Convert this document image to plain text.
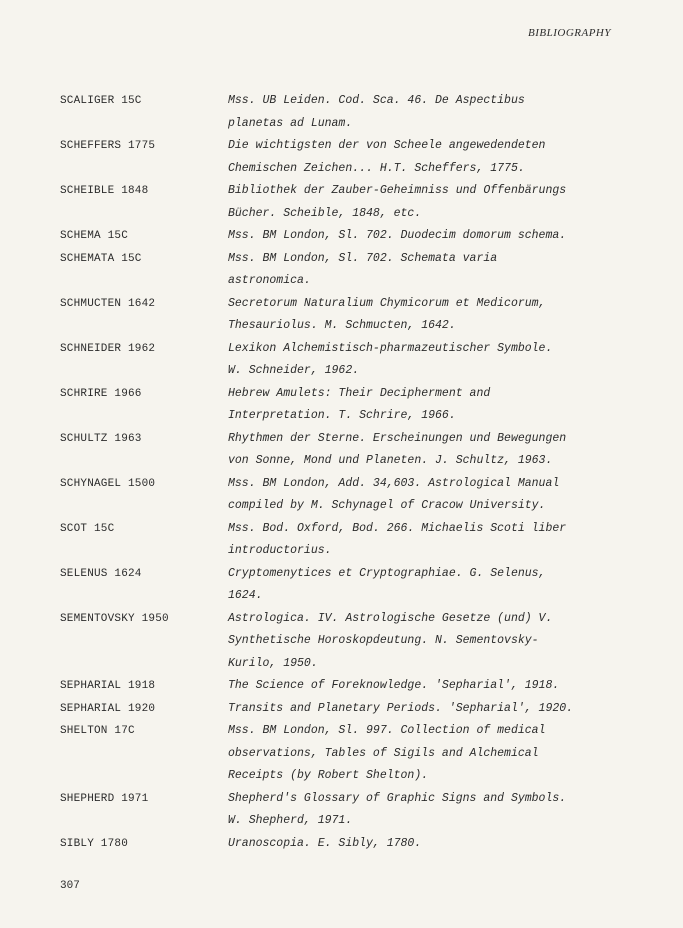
BIBLIOGRAPHY
SCALIGER 15C	Mss. UB Leiden. Cod. Sca. 46. De Aspectibus
planetas ad Lunam.
SCHEFFERS 1775	Die wichtigsten der von Scheele angewedendeten
Chemischen Zeichen... H.T. Scheffers, 1775.
SCHEIBLE 1848	Bibliothek der Zauber-Geheimniss und Offenbärungs
Bücher. Scheible, 1848, etc.
SCHEMA 15C	Mss. BM London, Sl. 702. Duodecim domorum schema.
SCHEMATA 15C	Mss. BM London, Sl. 702. Schemata varia
astronomica.
SCHMUCTEN 1642	Secretorum Naturalium Chymicorum et Medicorum,
Thesauriolus. M. Schmucten, 1642.
SCHNEIDER 1962	Lexikon Alchemistisch-pharmazeutischer Symbole.
W. Schneider, 1962.
SCHRIRE 1966	Hebrew Amulets: Their Decipherment and
Interpretation. T. Schrire, 1966.
SCHULTZ 1963	Rhythmen der Sterne. Erscheinungen und Bewegungen
von Sonne, Mond und Planeten. J. Schultz, 1963.
SCHYNAGEL 1500	Mss. BM London, Add. 34,603. Astrological Manual
compiled by M. Schynagel of Cracow University.
SCOT 15C	Mss. Bod. Oxford, Bod. 266. Michaelis Scoti liber
introductorius.
SELENUS 1624	Cryptomenytices et Cryptographiae. G. Selenus,
1624.
SEMENTOVSKY 1950	Astrologica. IV. Astrologische Gesetze (und) V.
Synthetische Horoskopdeutung. N. Sementovsky-
Kurilo, 1950.
SEPHARIAL 1918	The Science of Foreknowledge. 'Sepharial', 1918.
SEPHARIAL 1920	Transits and Planetary Periods. 'Sepharial', 1920.
SHELTON 17C	Mss. BM London, Sl. 997. Collection of medical
observations, Tables of Sigils and Alchemical
Receipts (by Robert Shelton).
SHEPHERD 1971	Shepherd's Glossary of Graphic Signs and Symbols.
W. Shepherd, 1971.
SIBLY 1780	Uranoscopia. E. Sibly, 1780.
307
